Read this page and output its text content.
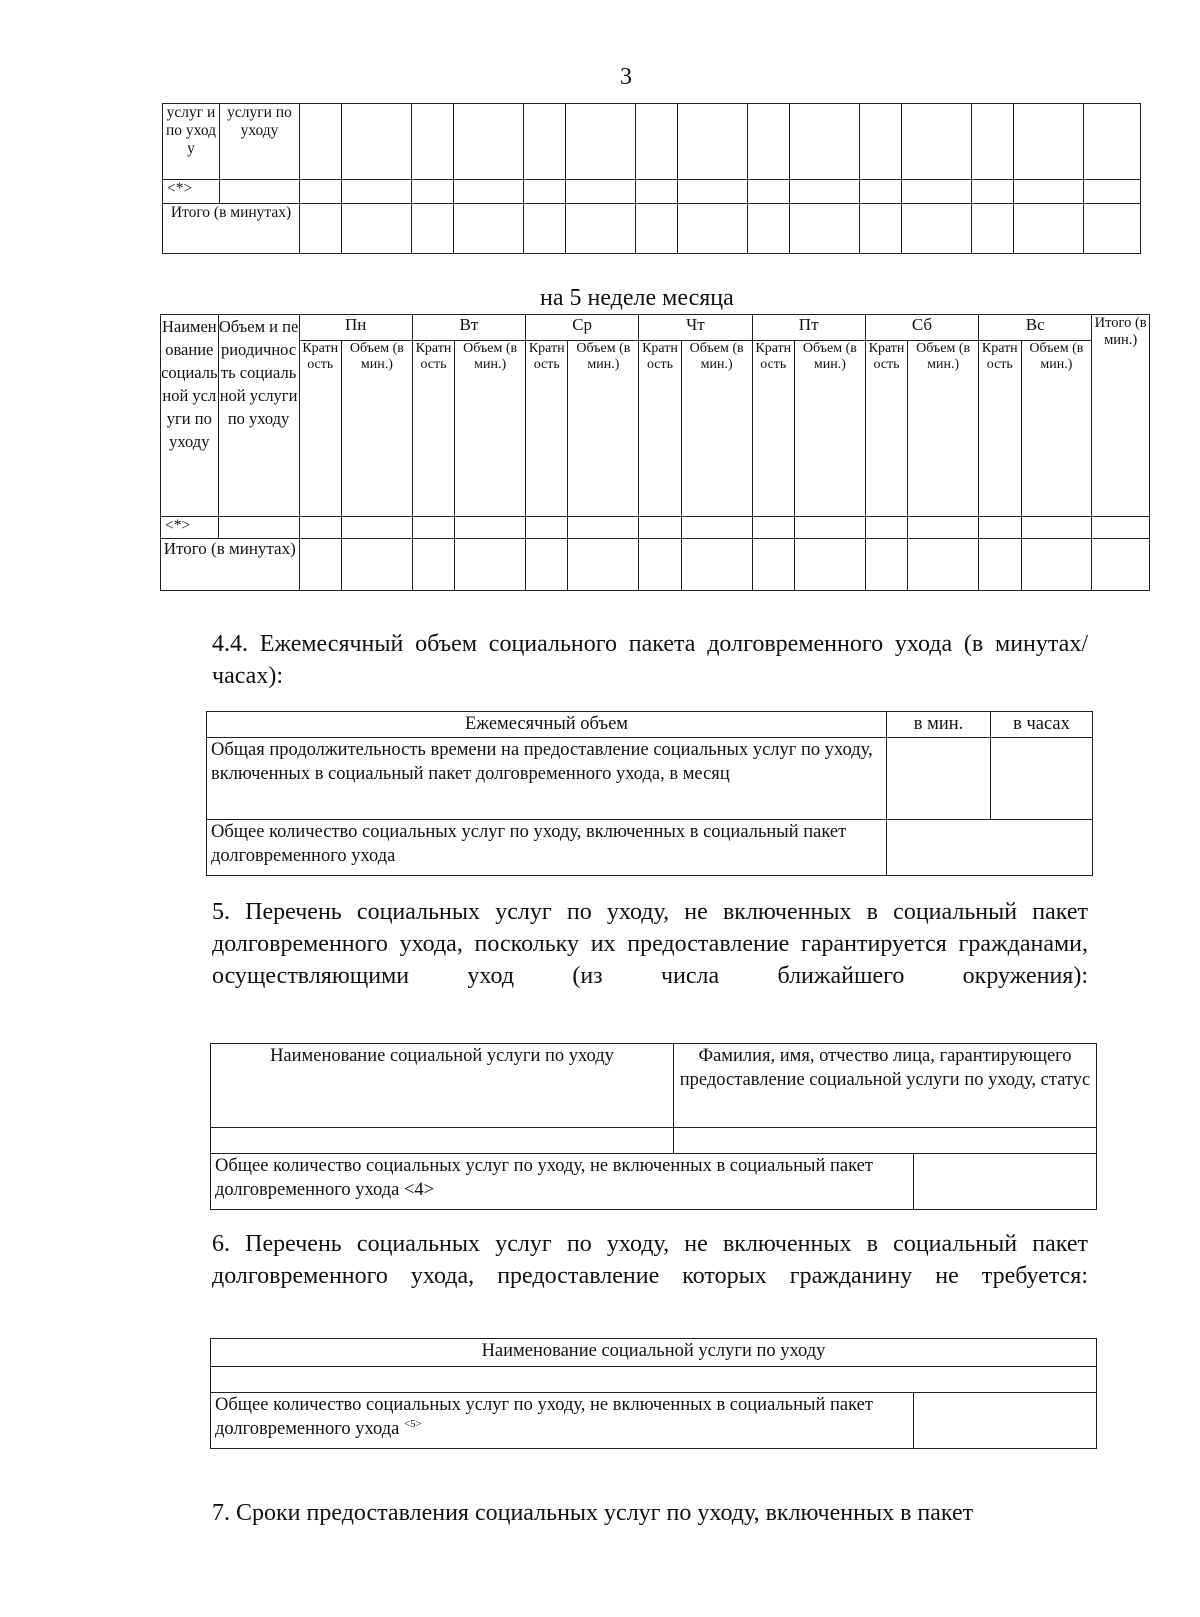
3
услуг и по уходу	услуги по уходу															
<*>																
Итого (в минутах)																
на 5 неделе месяца
Наименование социальной услуги по уходу	Объем и периодичность социальной услуги по уходу	Пн		Вт		Ср		Чт		Пт		Сб		Вс		Итого (в мин.)
		Кратность	Объем (в мин.)	Кратность	Объем (в мин.)	Кратность	Объем (в мин.)	Кратность	Объем (в мин.)	Кратность	Объем (в мин.)	Кратность	Объем (в мин.)	Кратность	Объем (в мин.)	
<*>																
Итого (в минутах)																
4.4. Ежемесячный объем социального пакета долговременного ухода (в минутах/часах):
Ежемесячный объем	в мин.	в часах
Общая продолжительность времени на предоставление социальных услуг по уходу, включенных в социальный пакет долговременного ухода, в месяц		
Общее количество социальных услуг по уходу, включенных в социальный пакет долговременного ухода		
5. Перечень социальных услуг по уходу, не включенных в социальный пакет долговременного ухода, поскольку их предоставление гарантируется гражданами, осуществляющими уход (из числа ближайшего окружения):
Наименование социальной услуги по уходу	Фамилия, имя, отчество лица, гарантирующего предоставление социальной услуги по уходу, статус	

Общее количество социальных услуг по уходу, не включенных в социальный пакет долговременного ухода <4>		
6. Перечень социальных услуг по уходу, не включенных в социальный пакет долговременного ухода, предоставление которых гражданину не требуется:
Наименование социальной услуги по уходу

Общее количество социальных услуг по уходу, не включенных в социальный пакет долговременного ухода $^{<5>}$	
7. Сроки предоставления социальных услуг по уходу, включенных в пакет
